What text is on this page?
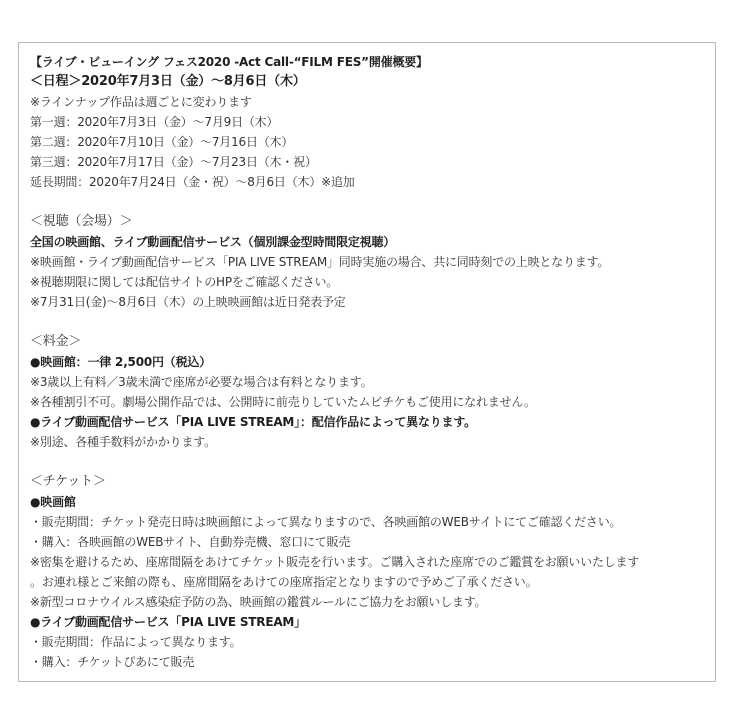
【ライブ・ビューイング フェス2020 -Act Call-“FILM FES”開催概要】
＜日程＞2020年7月3日（金）〜8月6日（木）
※ラインナップ作品は週ごとに変わります
第一週：2020年7月3日（金）〜7月9日（木）
第二週：2020年7月10日（金）〜7月16日（木）
第三週：2020年7月17日（金）〜7月23日（木・祝）
延長期間：2020年7月24日（金・祝）〜8月6日（木）※追加
＜視聴（会場）＞
全国の映画館、ライブ動画配信サービス（個別課金型時間限定視聴）
※映画館・ライブ動画配信サービス「PIA LIVE STREAM」同時実施の場合、共に同時刻での上映となります。
※視聴期限に関しては配信サイトのHPをご確認ください。
※7月31日(金)〜8月6日（木）の上映映画館は近日発表予定
＜料金＞
●映画館：一律 2,500円（税込）
※3歳以上有料／3歳未満で座席が必要な場合は有料となります。
※各種割引不可。劇場公開作品では、公開時に前売りしていたムビチケもご使用になれません。
●ライブ動画配信サービス「PIA LIVE STREAM」：配信作品によって異なります。
※別途、各種手数料がかかります。
＜チケット＞
●映画館
・販売期間：チケット発売日時は映画館によって異なりますので、各映画館のWEBサイトにてご確認ください。
・購入：各映画館のWEBサイト、自動券売機、窓口にて販売
※密集を避けるため、座席間隔をあけてチケット販売を行います。ご購入された座席でのご鑑賞をお願いいたします
。お連れ様とご来館の際も、座席間隔をあけての座席指定となりますので予めご了承ください。
※新型コロナウイルス感染症予防の為、映画館の鑑賞ルールにご協力をお願いします。
●ライブ動画配信サービス「PIA LIVE STREAM」
・販売期間：作品によって異なります。
・購入：チケットぴあにて販売
